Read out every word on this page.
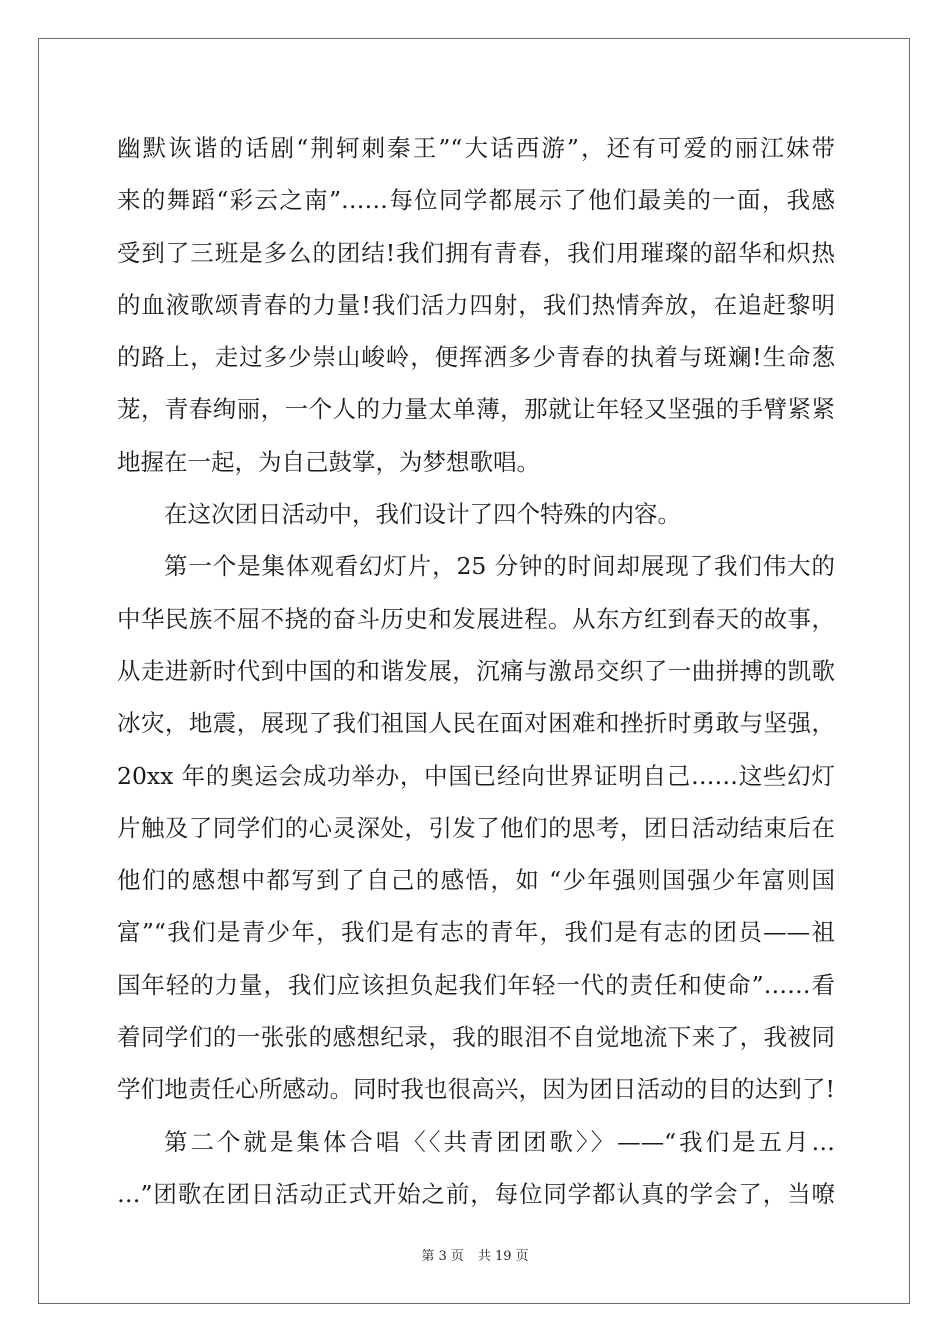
幽默诙谐的话剧“荆轲刺秦王”“大话西游”，还有可爱的丽江妹带
来的舞蹈“彩云之南”……每位同学都展示了他们最美的一面，我感
受到了三班是多么的团结!我们拥有青春，我们用璀璨的韶华和炽热
的血液歌颂青春的力量!我们活力四射，我们热情奔放，在追赶黎明
的路上，走过多少崇山峻岭，便挥洒多少青春的执着与斑斓!生命葱
茏，青春绚丽，一个人的力量太单薄，那就让年轻又坚强的手臂紧紧
地握在一起，为自己鼓掌，为梦想歌唱。
在这次团日活动中，我们设计了四个特殊的内容。
第一个是集体观看幻灯片，25 分钟的时间却展现了我们伟大的
中华民族不屈不挠的奋斗历史和发展进程。从东方红到春天的故事，
从走进新时代到中国的和谐发展，沉痛与激昂交织了一曲拼搏的凯歌
冰灾，地震，展现了我们祖国人民在面对困难和挫折时勇敢与坚强，
20xx 年的奥运会成功举办，中国已经向世界证明自己……这些幻灯
片触及了同学们的心灵深处，引发了他们的思考，团日活动结束后在
他们的感想中都写到了自己的感悟，如 “少年强则国强少年富则国
富”“我们是青少年，我们是有志的青年，我们是有志的团员——祖
国年轻的力量，我们应该担负起我们年轻一代的责任和使命”……看
着同学们的一张张的感想纪录，我的眼泪不自觉地流下来了，我被同
学们地责任心所感动。同时我也很高兴，因为团日活动的目的达到了!
第二个就是集体合唱〈〈共青团团歌〉〉——“我们是五月…
…”团歌在团日活动正式开始之前，每位同学都认真的学会了，当嘹
第 3 页 共 19 页
